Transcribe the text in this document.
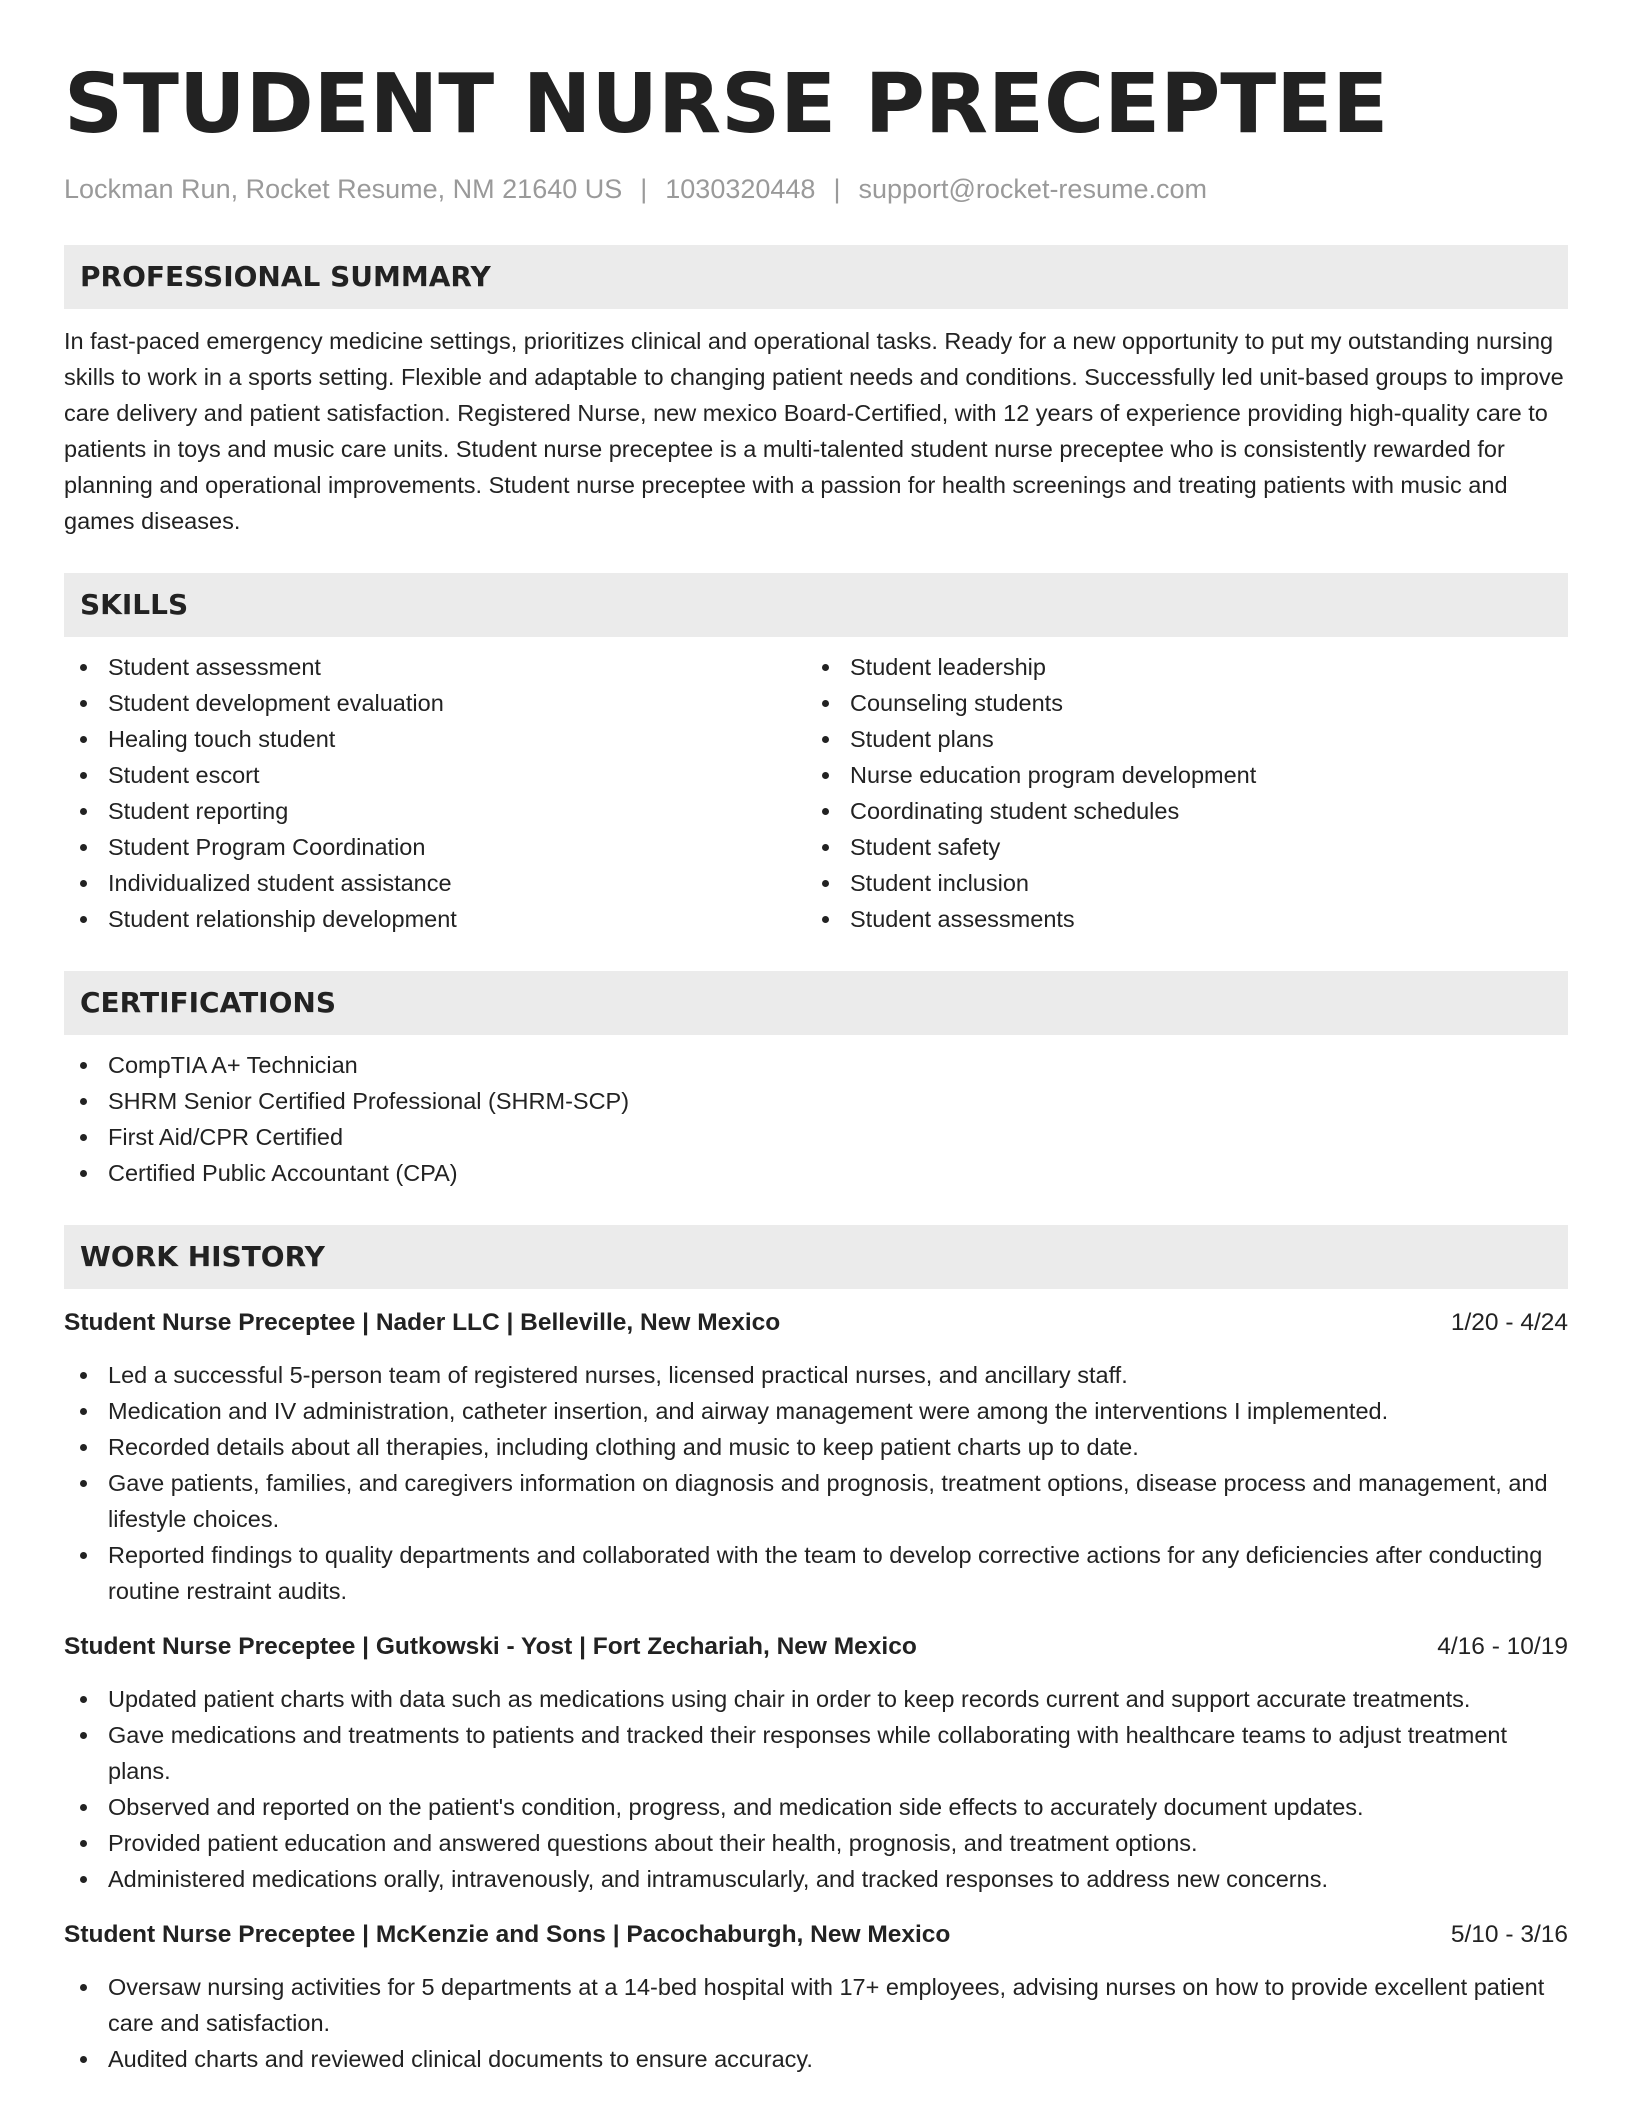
STUDENT NURSE PRECEPTEE
Lockman Run, Rocket Resume, NM 21640 US | 1030320448 | support@rocket-resume.com
PROFESSIONAL SUMMARY

In fast-paced emergency medicine settings, prioritizes clinical and operational tasks. Ready for a new opportunity to put my outstanding nursing skills to work in a sports setting. Flexible and adaptable to changing patient needs and conditions. Successfully led unit-based groups to improve care delivery and patient satisfaction. Registered Nurse, new mexico Board-Certified, with 12 years of experience providing high-quality care to patients in toys and music care units. Student nurse preceptee is a multi-talented student nurse preceptee who is consistently rewarded for planning and operational improvements. Student nurse preceptee with a passion for health screenings and treating patients with music and games diseases.

SKILLS
Student assessment
Student development evaluation
Healing touch student
Student escort
Student reporting
Student Program Coordination
Individualized student assistance
Student relationship development
Student leadership
Counseling students
Student plans
Nurse education program development
Coordinating student schedules
Student safety
Student inclusion
Student assessments
CERTIFICATIONS
CompTIA A+ Technician
SHRM Senior Certified Professional (SHRM-SCP)
First Aid/CPR Certified
Certified Public Accountant (CPA)
WORK HISTORY
Student Nurse Preceptee | Nader LLC | Belleville, New Mexico	1/20 - 4/24
Led a successful 5-person team of registered nurses, licensed practical nurses, and ancillary staff.
Medication and IV administration, catheter insertion, and airway management were among the interventions I implemented.
Recorded details about all therapies, including clothing and music to keep patient charts up to date.
Gave patients, families, and caregivers information on diagnosis and prognosis, treatment options, disease process and management, and lifestyle choices.
Reported findings to quality departments and collaborated with the team to develop corrective actions for any deficiencies after conducting routine restraint audits.
Student Nurse Preceptee | Gutkowski - Yost | Fort Zechariah, New Mexico	4/16 - 10/19
Updated patient charts with data such as medications using chair in order to keep records current and support accurate treatments.
Gave medications and treatments to patients and tracked their responses while collaborating with healthcare teams to adjust treatment plans.
Observed and reported on the patient's condition, progress, and medication side effects to accurately document updates.
Provided patient education and answered questions about their health, prognosis, and treatment options.
Administered medications orally, intravenously, and intramuscularly, and tracked responses to address new concerns.
Student Nurse Preceptee | McKenzie and Sons | Pacochaburgh, New Mexico	5/10 - 3/16
Oversaw nursing activities for 5 departments at a 14-bed hospital with 17+ employees, advising nurses on how to provide excellent patient care and satisfaction.
Audited charts and reviewed clinical documents to ensure accuracy.
